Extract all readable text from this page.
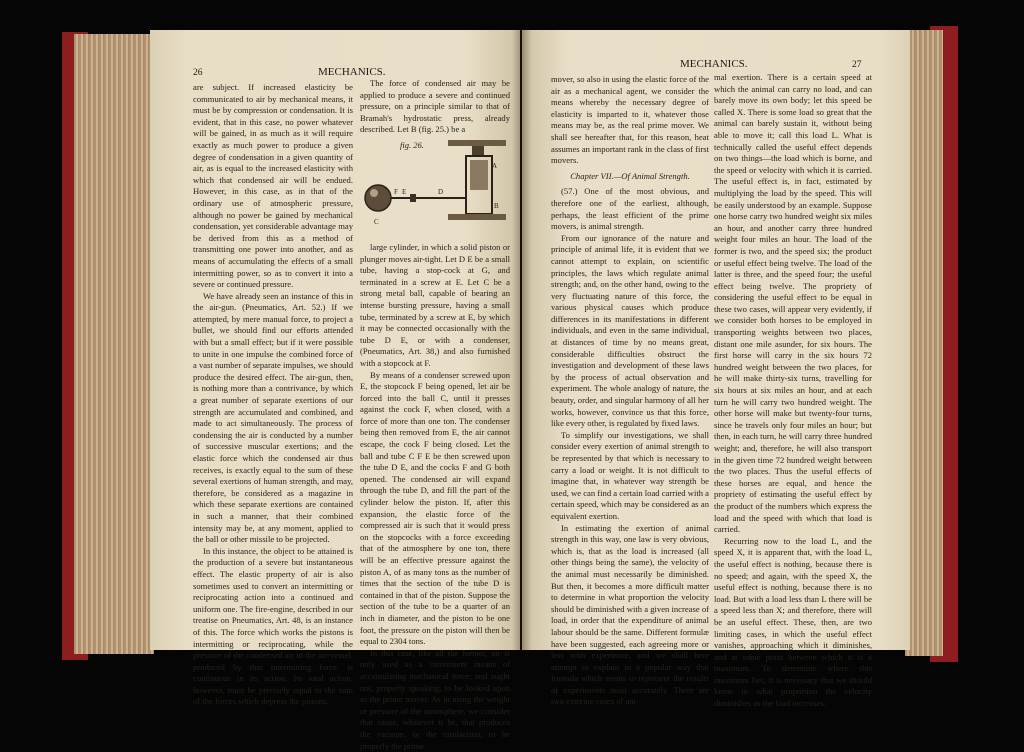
26	MECHANICS.
MECHANICS.	27

are subject. If increased elasticity be communicated to air by mechanical means, it must be by compression or condensation. It is evident, that in this case, no power whatever will be gained, in as much as it will require exactly as much power to produce a given degree of condensation in a given quantity of air, as is equal to the increased elasticity with which that condensed air will be endued. However, in this case, as in that of the ordinary use of atmospheric pressure, although no power be gained by mechanical condensation, yet considerable advantage may be derived from this as a method of transmitting one power into another, and as means of accumulating the effects of a small intermitting power, so as to convert it into a severe or continued pressure.

We have already seen an instance of this in the air-gun. (Pneumatics, Art. 52.) If we attempted, by mere manual force, to project a bullet, we should find our efforts attended with but a small effect; but if it were possible to unite in one impulse the combined force of a vast number of separate impulses, we should produce the desired effect. The air-gun, then, is nothing more than a contrivance, by which a great number of separate exertions of our strength are accumulated and combined, and made to act simultaneously. The process of condensing the air is conducted by a number of successive muscular exertions; and the elastic force which the condensed air thus receives, is exactly equal to the sum of these several exertions of human strength, and may, therefore, be considered as a magazine in which these separate exertions are contained in such a manner, that their combined intensity may be, at any moment, applied to the ball or other missile to be projected.

In this instance, the object to be attained is the production of a severe but instantaneous effect. The elastic property of air is also sometimes used to convert an intermitting or reciprocating action into a continued and uniform one. The fire-engine, described in our treatise on Pneumatics, Art. 48, is an instance of this. The force which works the pistons is intermitting or reciprocating, while the pressure of the condensed air in the air-vessel, produced by that intermitting force, is continuous in its action. Its total action, however, must be precisely equal to the sum of the forces which depress the pistons.

The force of condensed air may be applied to produce a severe and continued pressure, on a principle similar to that of Bramah's hydrostatic press, already described. Let B (fig. 25.) be a

fig. 26.
A
F E	D
C
B

large cylinder, in which a solid piston or plunger moves air-tight. Let D E be a small tube, having a stop-cock at G, and terminated in a screw at E. Let C be a strong metal ball, capable of bearing an intense bursting pressure, having a small tube, terminated by a screw at E, by which it may be connected occasionally with the tube D E, or with a condenser, (Pneumatics, Art. 38,) and also furnished with a stopcock at F.

By means of a condenser screwed upon E, the stopcock F being opened, let air be forced into the ball C, until it presses against the cock F, when closed, with a force of more than one ton. The condenser being then removed from E, the air cannot escape, the cock F being closed. Let the ball and tube C F E be then screwed upon the tube D E, and the cocks F and G both opened. The condensed air will expand through the tube D, and fill the part of the cylinder below the piston. If, after this expansion, the elastic force of the compressed air is such that it would press on the stopcocks with a force exceeding that of the atmosphere by one ton, there will be an effective pressure against the piston A, of as many tons as the number of times that the section of the tube D is contained in that of the piston. Suppose the section of the tube to be a quarter of an inch in diameter, and the piston to be one foot, the pressure on the piston will then be equal to 2304 tons.

In this case, like all the former, air is only used as a convenient means of accumulating mechanical force; and ought not, properly speaking, to be looked upon as the prime mover. As in using the weight or pressure of the atmosphere, we consider that cause, whatever it be, that produces the vacuum, or the rarefaction, to be properly the prime

mover, so also in using the elastic force of the air as a mechanical agent, we consider the means whereby the necessary degree of elasticity is imparted to it, whatever those means may be, as the real prime mover. We shall see hereafter that, for this reason, heat assumes an important rank in the class of first movers.

Chapter VII.—Of Animal Strength.

(57.) One of the most obvious, and therefore one of the earliest, although, perhaps, the least efficient of the prime movers, is animal strength.

From our ignorance of the nature and principle of animal life, it is evident that we cannot attempt to explain, on scientific principles, the laws which regulate animal strength; and, on the other hand, owing to the very fluctuating nature of this force, the various physical causes which produce differences in its manifestations in different individuals, and even in the same individual, at distances of time by no means great, considerable difficulties obstruct the investigation and development of these laws by the process of actual observation and experiment. The whole analogy of nature, the beauty, order, and singular harmony of all her works, however, convince us that this force, like every other, is regulated by fixed laws.

To simplify our investigations, we shall consider every exertion of animal strength to be represented by that which is necessary to carry a load or weight. It is not difficult to imagine that, in whatever way strength be used, we can find a certain load carried with a certain speed, which may be considered as an equivalent exertion.

In estimating the exertion of animal strength in this way, one law is very obvious, which is, that as the load is increased (all other things being the same), the velocity of the animal must necessarily be diminished. But then, it becomes a more difficult matter to determine in what proportion the velocity should be diminished with a given increase of load, in order that the expenditure of animal labour should be the same. Different formulæ have been suggested, each agreeing more or less with experience, and we shall here attempt to explain in a popular way that formula which seems to represent the results of experiments most accurately. There are two extreme cases of ani-

mal exertion. There is a certain speed at which the animal can carry no load, and can barely move its own body; let this speed be called X. There is some load so great that the animal can barely sustain it, without being able to move it; call this load L. What is technically called the useful effect depends on two things—the load which is borne, and the speed or velocity with which it is carried. The useful effect is, in fact, estimated by multiplying the load by the speed. This will be easily understood by an example. Suppose one horse carry two hundred weight six miles an hour, and another carry three hundred weight four miles an hour. The load of the former is two, and the speed six; the product or useful effect being twelve. The load of the latter is three, and the speed four; the useful effect being twelve. The propriety of considering the useful effect to be equal in these two cases, will appear very evidently, if we consider both horses to be employed in transporting weights between two places, distant one mile asunder, for six hours. The first horse will carry in the six hours 72 hundred weight between the two places, for he will make thirty-six turns, travelling for six hours at six miles an hour, and at each turn he will carry two hundred weight. The other horse will make but twenty-four turns, since he travels only four miles an hour; but then, in each turn, he will carry three hundred weight; and, therefore, he will also transport in the given time 72 hundred weight between the two places. Thus the useful effects of these horses are equal, and hence the propriety of estimating the useful effect by the product of the numbers which express the load and the speed with which that load is carried.

Recurring now to the load L, and the speed X, it is apparent that, with the load L, the useful effect is nothing, because there is no speed; and again, with the speed X, the useful effect is nothing, because there is no load. But with a load less than L there will be a speed less than X; and therefore, there will be an useful effect. These, then, are two limiting cases, in which the useful effect vanishes, approaching which it diminishes, and at some point between which it is a maximum. To determine where this maximum lies, it is necessary that we should know in what proportion the velocity diminishes as the load increases.
